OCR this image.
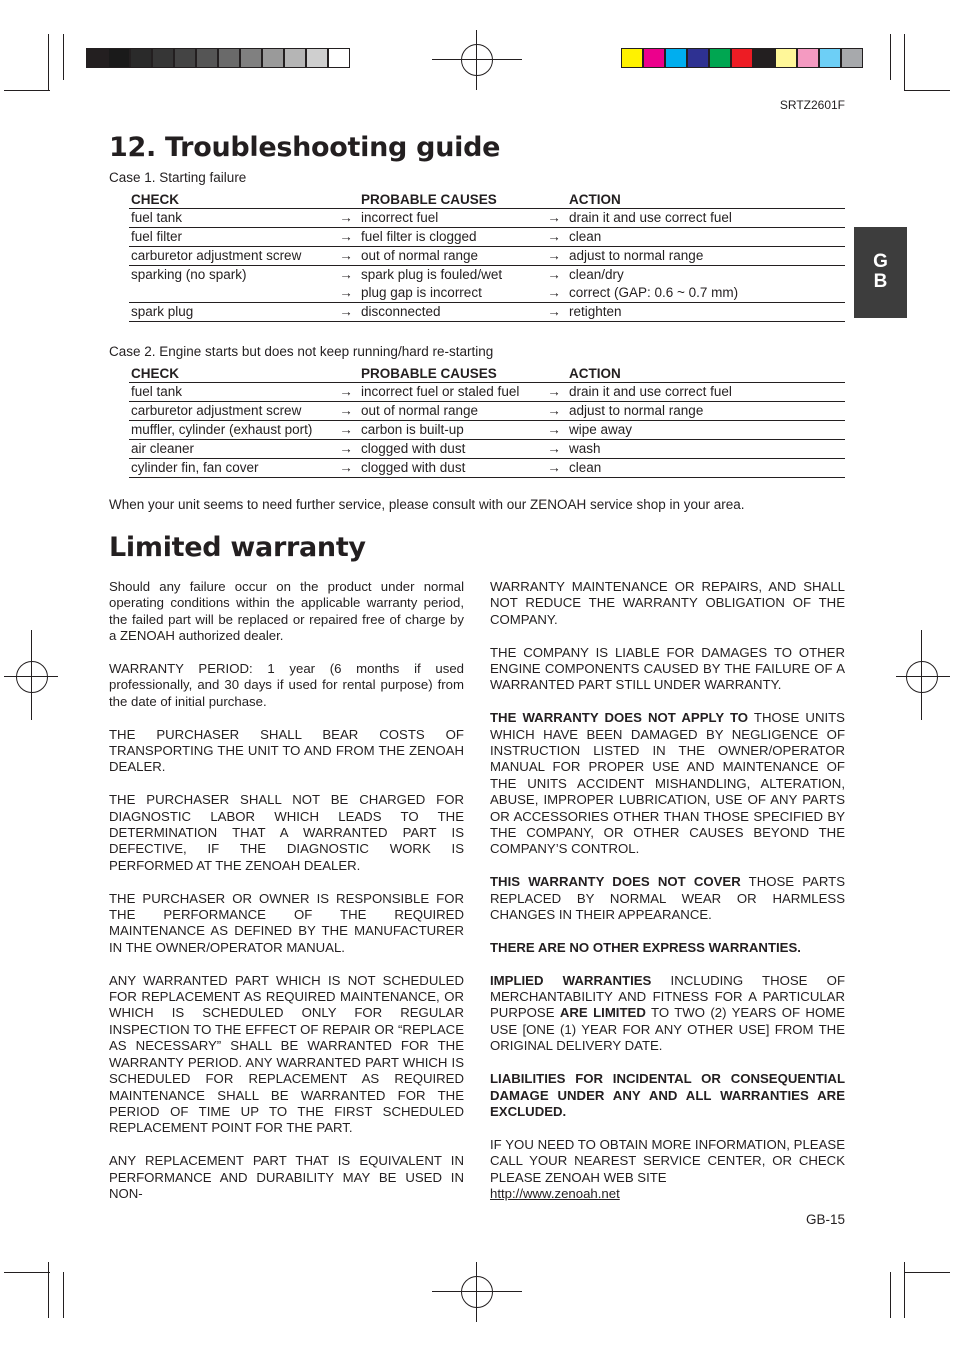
SRTZ2601F
G
B
12. Troubleshooting guide
Case 1. Starting failure
CHECK		PROBABLE CAUSES		ACTION
fuel tank	→	incorrect fuel	→	drain it and use correct fuel
fuel filter	→	fuel filter is clogged	→	clean
carburetor adjustment screw	→	out of normal range	→	adjust to normal range
sparking (no spark)	→	spark plug is fouled/wet	→	clean/dry
	→	plug gap is incorrect	→	correct (GAP: 0.6 ~ 0.7 mm)
spark plug	→	disconnected	→	retighten
Case 2. Engine starts but does not keep running/hard re-starting
CHECK		PROBABLE CAUSES		ACTION
fuel tank	→	incorrect fuel or staled fuel	→	drain it and use correct fuel
carburetor adjustment screw	→	out of normal range	→	adjust to normal range
muffler, cylinder (exhaust port)	→	carbon is built-up	→	wipe away
air cleaner	→	clogged with dust	→	wash
cylinder fin, fan cover	→	clogged with dust	→	clean
When your unit seems to need further service, please consult with our ZENOAH service shop in your area.
Limited warranty

Should any failure occur on the product under normal operating conditions within the applicable warranty period, the failed part will be replaced or repaired free of charge by a ZENOAH authorized dealer.

WARRANTY PERIOD: 1 year (6 months if used professionally, and 30 days if used for rental purpose) from the date of initial purchase.

THE PURCHASER SHALL BEAR COSTS OF TRANSPORTING THE UNIT TO AND FROM THE ZENOAH DEALER.

THE PURCHASER SHALL NOT BE CHARGED FOR DIAGNOSTIC LABOR WHICH LEADS TO THE DETERMINATION THAT A WARRANTED PART IS DEFECTIVE, IF THE DIAGNOSTIC WORK IS PERFORMED AT THE ZENOAH DEALER.

THE PURCHASER OR OWNER IS RESPONSIBLE FOR THE PERFORMANCE OF THE REQUIRED MAINTENANCE AS DEFINED BY THE MANUFACTURER IN THE OWNER/OPERATOR MANUAL.

ANY WARRANTED PART WHICH IS NOT SCHEDULED FOR REPLACEMENT AS REQUIRED MAINTENANCE, OR WHICH IS SCHEDULED ONLY FOR REGULAR INSPECTION TO THE EFFECT OF REPAIR OR “REPLACE AS NECESSARY” SHALL BE WARRANTED FOR THE WARRANTY PERIOD. ANY WARRANTED PART WHICH IS SCHEDULED FOR REPLACEMENT AS REQUIRED MAINTENANCE SHALL BE WARRANTED FOR THE PERIOD OF TIME UP TO THE FIRST SCHEDULED REPLACEMENT POINT FOR THE PART.

ANY REPLACEMENT PART THAT IS EQUIVALENT IN PERFORMANCE AND DURABILITY MAY BE USED IN NON-

WARRANTY MAINTENANCE OR REPAIRS, AND SHALL NOT REDUCE THE WARRANTY OBLIGATION OF THE COMPANY.

THE COMPANY IS LIABLE FOR DAMAGES TO OTHER ENGINE COMPONENTS CAUSED BY THE FAILURE OF A WARRANTED PART STILL UNDER WARRANTY.

THE WARRANTY DOES NOT APPLY TO THOSE UNITS WHICH HAVE BEEN DAMAGED BY NEGLIGENCE OF INSTRUCTION LISTED IN THE OWNER/OPERATOR MANUAL FOR PROPER USE AND MAINTENANCE OF THE UNITS ACCIDENT MISHANDLING, ALTERATION, ABUSE, IMPROPER LUBRICATION, USE OF ANY PARTS OR ACCESSORIES OTHER THAN THOSE SPECIFIED BY THE COMPANY, OR OTHER CAUSES BEYOND THE COMPANY’S CONTROL.

THIS WARRANTY DOES NOT COVER THOSE PARTS REPLACED BY NORMAL WEAR OR HARMLESS CHANGES IN THEIR APPEARANCE.

THERE ARE NO OTHER EXPRESS WARRANTIES.

IMPLIED WARRANTIES INCLUDING THOSE OF MERCHANTABILITY AND FITNESS FOR A PARTICULAR PURPOSE ARE LIMITED TO TWO (2) YEARS OF HOME USE [ONE (1) YEAR FOR ANY OTHER USE] FROM THE ORIGINAL DELIVERY DATE.

LIABILITIES FOR INCIDENTAL OR CONSEQUENTIAL DAMAGE UNDER ANY AND ALL WARRANTIES ARE EXCLUDED.

IF YOU NEED TO OBTAIN MORE INFORMATION, PLEASE CALL YOUR NEAREST SERVICE CENTER, OR CHECK PLEASE ZENOAH WEB SITE
http://www.zenoah.net

GB-15
